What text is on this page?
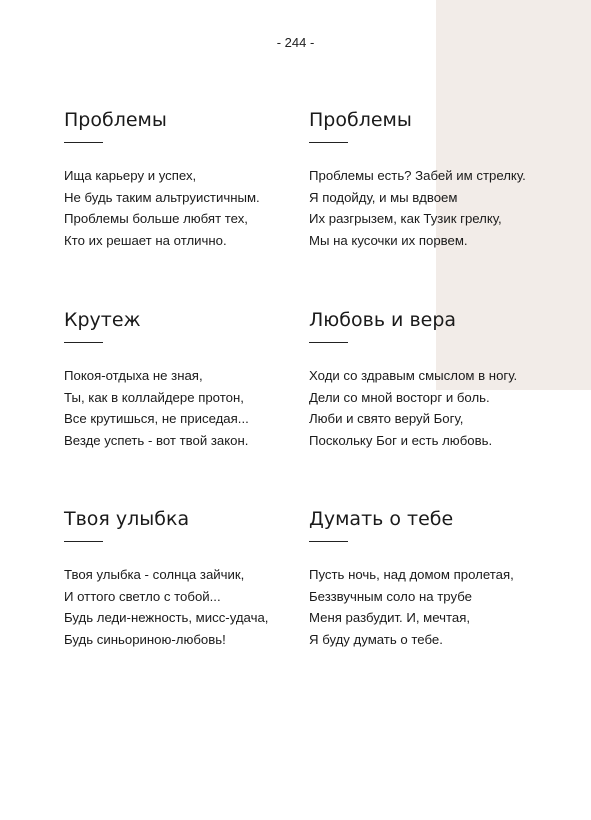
- 244 -
Проблемы
Ища карьеру и успех,
Не будь таким альтруистичным.
Проблемы больше любят тех,
Кто их решает на отлично.
Проблемы
Проблемы есть? Забей им стрелку.
Я подойду, и мы вдвоем
Их разгрызем, как Тузик грелку,
Мы на кусочки их порвем.
Крутеж
Покоя-отдыха не зная,
Ты, как в коллайдере протон,
Все крутишься, не приседая...
Везде успеть - вот твой закон.
Любовь и вера
Ходи со здравым смыслом в ногу.
Дели со мной восторг и боль.
Люби и свято веруй Богу,
Поскольку Бог и есть любовь.
Твоя улыбка
Твоя улыбка - солнца зайчик,
И оттого светло с тобой...
Будь леди-нежность, мисс-удача,
Будь синьориною-любовь!
Думать о тебе
Пусть ночь, над домом пролетая,
Беззвучным соло на трубе
Меня разбудит. И, мечтая,
Я буду думать о тебе.
